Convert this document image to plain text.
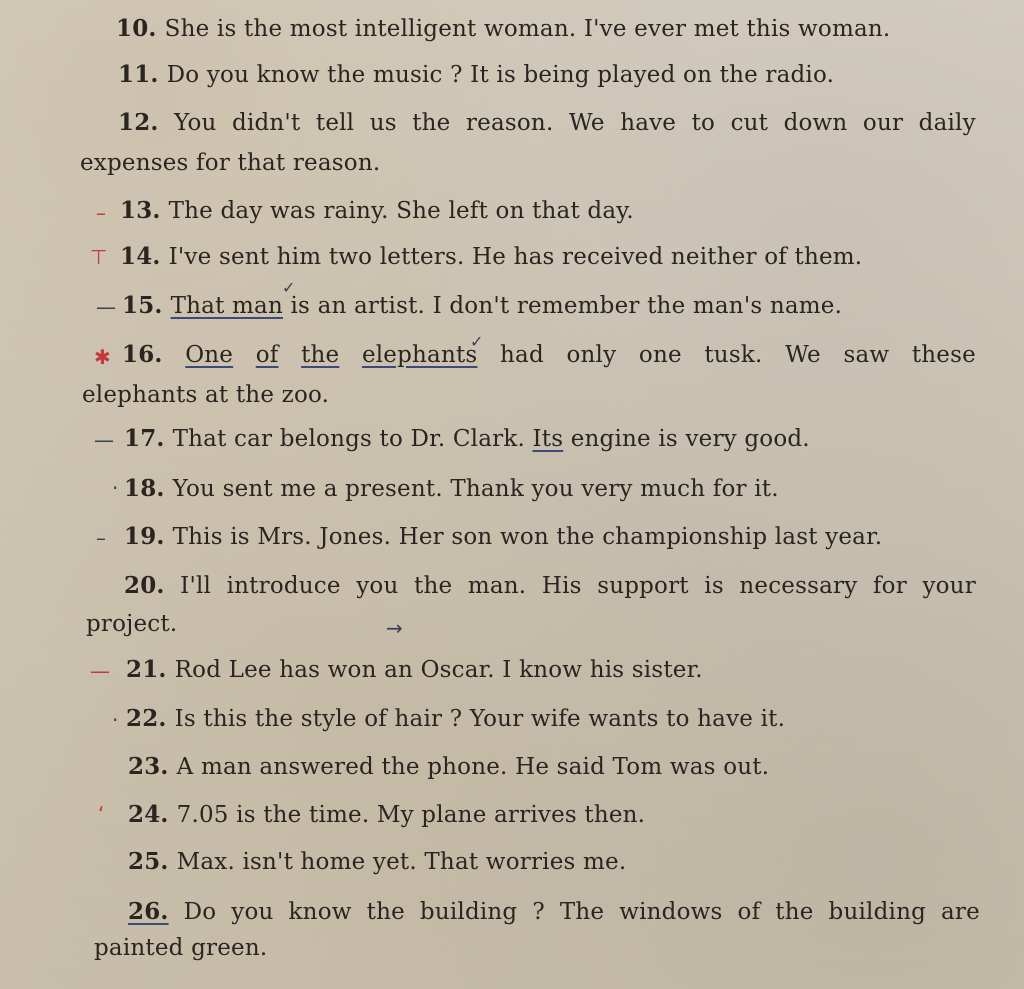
10. She is the most intelligent woman. I've ever met this woman.
11. Do you know the music ? It is being played on the radio.
12. You didn't tell us the reason. We have to cut down our daily
expenses for that reason.
13. The day was rainy. She left on that day.
14. I've sent him two letters. He has received neither of them.
15. That man is an artist. I don't remember the man's name.
16. One of the elephants had only one tusk. We saw these
elephants at the zoo.
17. That car belongs to Dr. Clark. Its engine is very good.
18. You sent me a present. Thank you very much for it.
19. This is Mrs. Jones. Her son won the championship last year.
20. I'll introduce you the man. His support is necessary for your
project.
21. Rod Lee has won an Oscar. I know his sister.
22. Is this the style of hair ? Your wife wants to have it.
23. A man answered the phone. He said Tom was out.
24. 7.05 is the time. My plane arrives then.
25. Max. isn't home yet. That worries me.
26. Do you know the building ? The windows of the building are
painted green.
–
⊤
—
✱
—
·
–
→
—
·
‘
✓
✓
